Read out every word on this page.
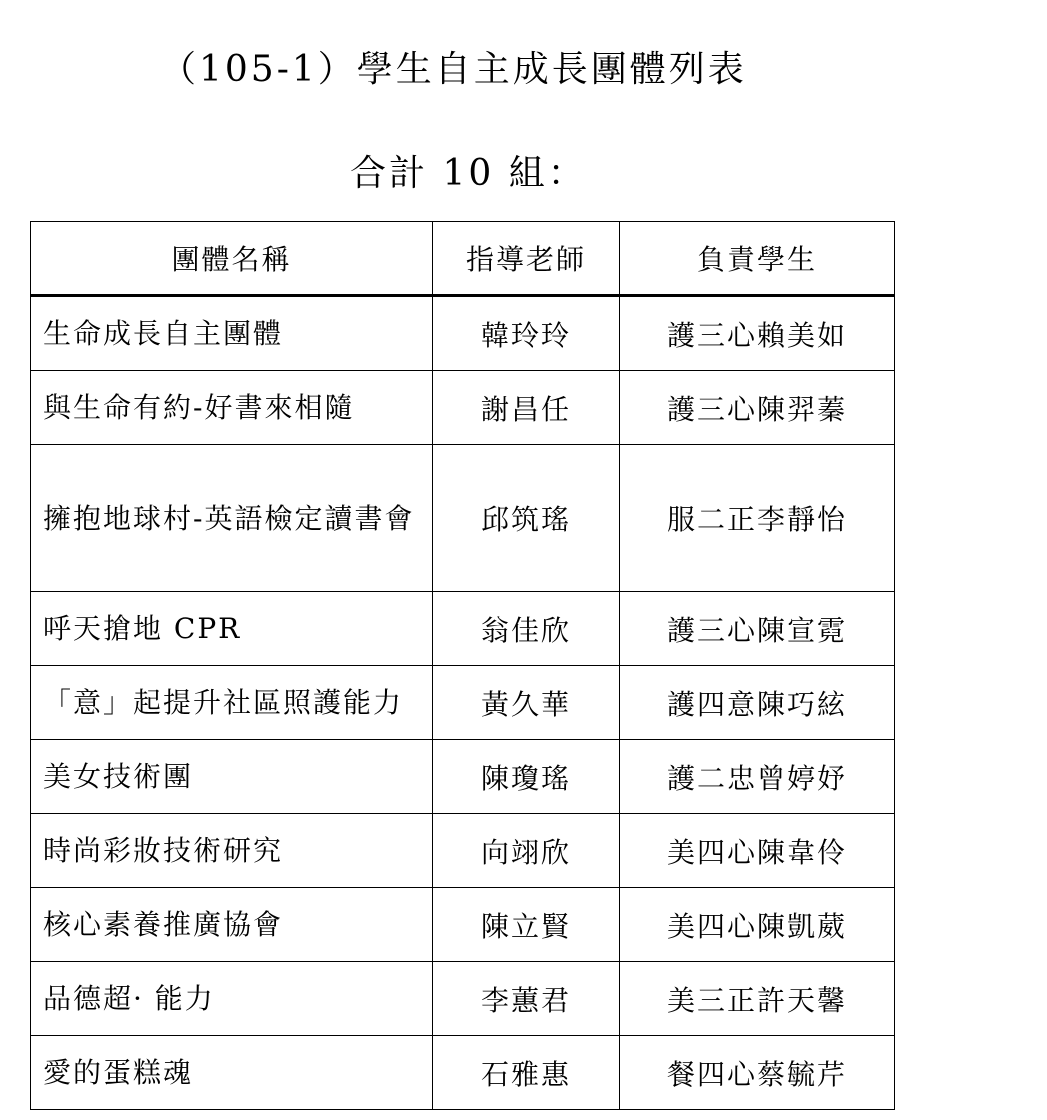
（105-1）學生自主成長團體列表
合計 10 組：
團體名稱	指導老師	負責學生
生命成長自主團體	韓玲玲	護三心賴美如
與生命有約-好書來相隨	謝昌任	護三心陳羿蓁
擁抱地球村-英語檢定讀書會	邱筑瑤	服二正李靜怡
呼天搶地 CPR	翁佳欣	護三心陳宣霓
「意」起提升社區照護能力	黃久華	護四意陳巧絃
美女技術團	陳瓊瑤	護二忠曾婷妤
時尚彩妝技術研究	向翊欣	美四心陳韋伶
核心素養推廣協會	陳立賢	美四心陳凱葳
品德超· 能力	李蕙君	美三正許天馨
愛的蛋糕魂	石雅惠	餐四心蔡毓芹
